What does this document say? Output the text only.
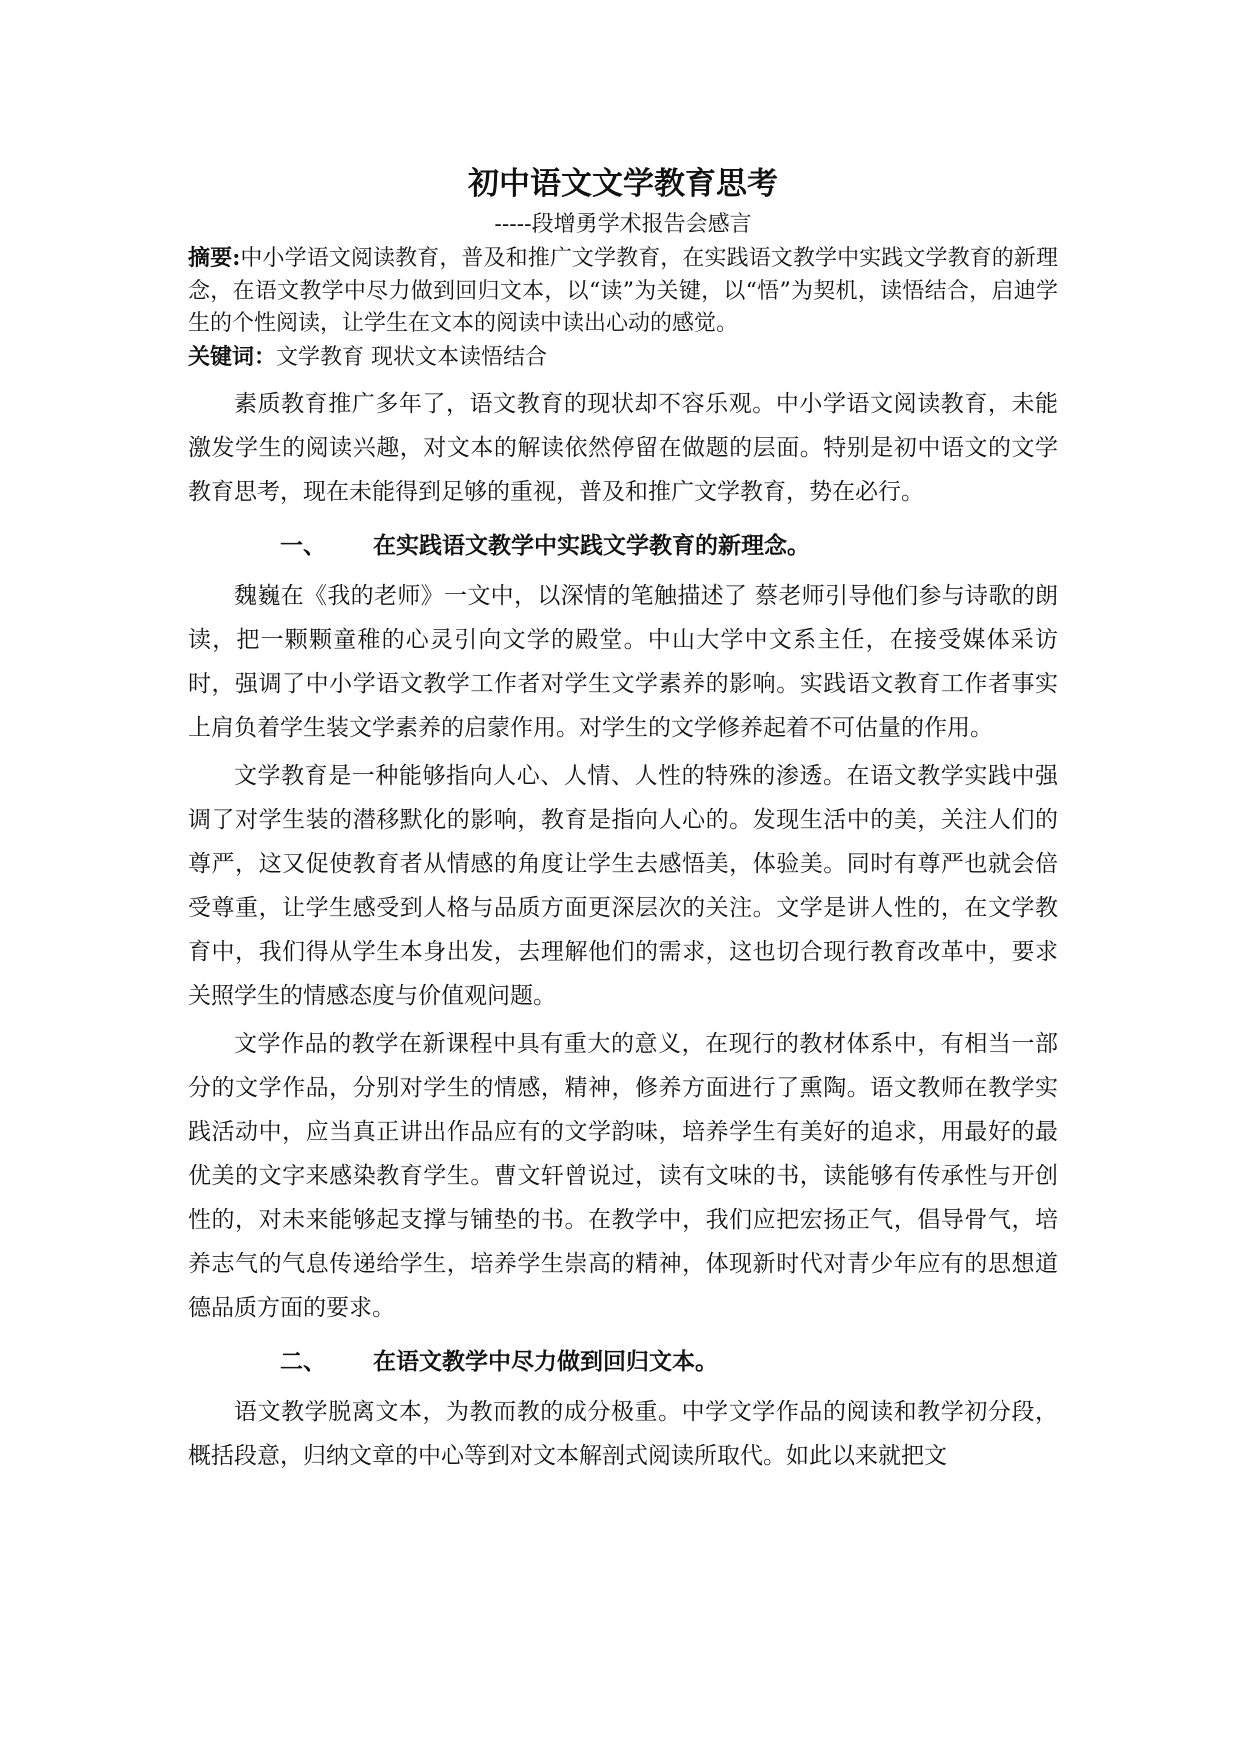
初中语文文学教育思考

-----段增勇学术报告会感言

摘要:中小学语文阅读教育，普及和推广文学教育，在实践语文教学中实践文学教育的新理念，在语文教学中尽力做到回归文本，以“读”为关键，以“悟”为契机，读悟结合，启迪学生的个性阅读，让学生在文本的阅读中读出心动的感觉。

关键词：文学教育 现状文本读悟结合

素质教育推广多年了，语文教育的现状却不容乐观。中小学语文阅读教育，未能激发学生的阅读兴趣，对文本的解读依然停留在做题的层面。特别是初中语文的文学教育思考，现在未能得到足够的重视，普及和推广文学教育，势在必行。

一、 在实践语文教学中实践文学教育的新理念。

魏巍在《我的老师》一文中，以深情的笔触描述了 蔡老师引导他们参与诗歌的朗读，把一颗颗童稚的心灵引向文学的殿堂。中山大学中文系主任，在接受媒体采访时，强调了中小学语文教学工作者对学生文学素养的影响。实践语文教育工作者事实上肩负着学生装文学素养的启蒙作用。对学生的文学修养起着不可估量的作用。

文学教育是一种能够指向人心、人情、人性的特殊的渗透。在语文教学实践中强调了对学生装的潜移默化的影响，教育是指向人心的。发现生活中的美，关注人们的尊严，这又促使教育者从情感的角度让学生去感悟美，体验美。同时有尊严也就会倍受尊重，让学生感受到人格与品质方面更深层次的关注。文学是讲人性的，在文学教育中，我们得从学生本身出发，去理解他们的需求，这也切合现行教育改革中，要求关照学生的情感态度与价值观问题。

文学作品的教学在新课程中具有重大的意义，在现行的教材体系中，有相当一部分的文学作品，分别对学生的情感，精神，修养方面进行了熏陶。语文教师在教学实践活动中，应当真正讲出作品应有的文学韵味，培养学生有美好的追求，用最好的最优美的文字来感染教育学生。曹文轩曾说过，读有文味的书，读能够有传承性与开创性的，对未来能够起支撑与铺垫的书。在教学中，我们应把宏扬正气，倡导骨气，培养志气的气息传递给学生，培养学生崇高的精神，体现新时代对青少年应有的思想道德品质方面的要求。

二、 在语文教学中尽力做到回归文本。

语文教学脱离文本，为教而教的成分极重。中学文学作品的阅读和教学初分段，概括段意，归纳文章的中心等到对文本解剖式阅读所取代。如此以来就把文
